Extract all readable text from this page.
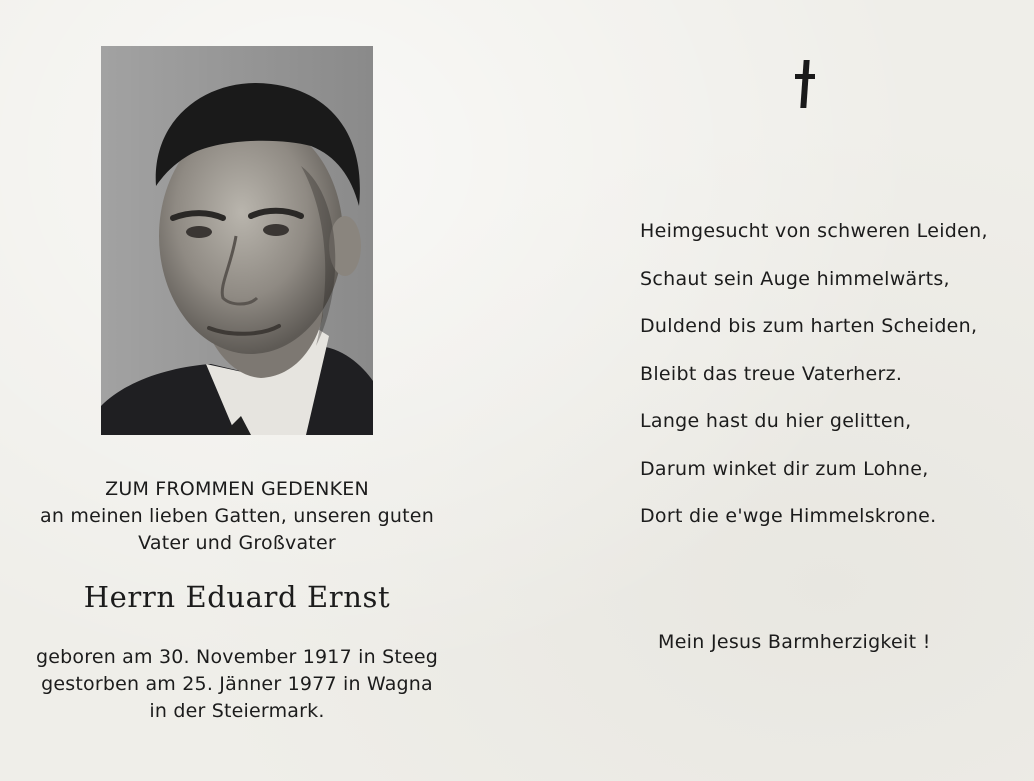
ZUM FROMMEN GEDENKEN
an meinen lieben Gatten, unseren guten
Vater und Großvater
Herrn Eduard Ernst
geboren am 30. November 1917 in Steeg
gestorben am 25. Jänner 1977 in Wagna
in der Steiermark.
Heimgesucht von schweren Leiden,
Schaut sein Auge himmelwärts,
Duldend bis zum harten Scheiden,
Bleibt das treue Vaterherz.
Lange hast du hier gelitten,
Darum winket dir zum Lohne,
Dort die e'wge Himmelskrone.
Mein Jesus Barmherzigkeit !
